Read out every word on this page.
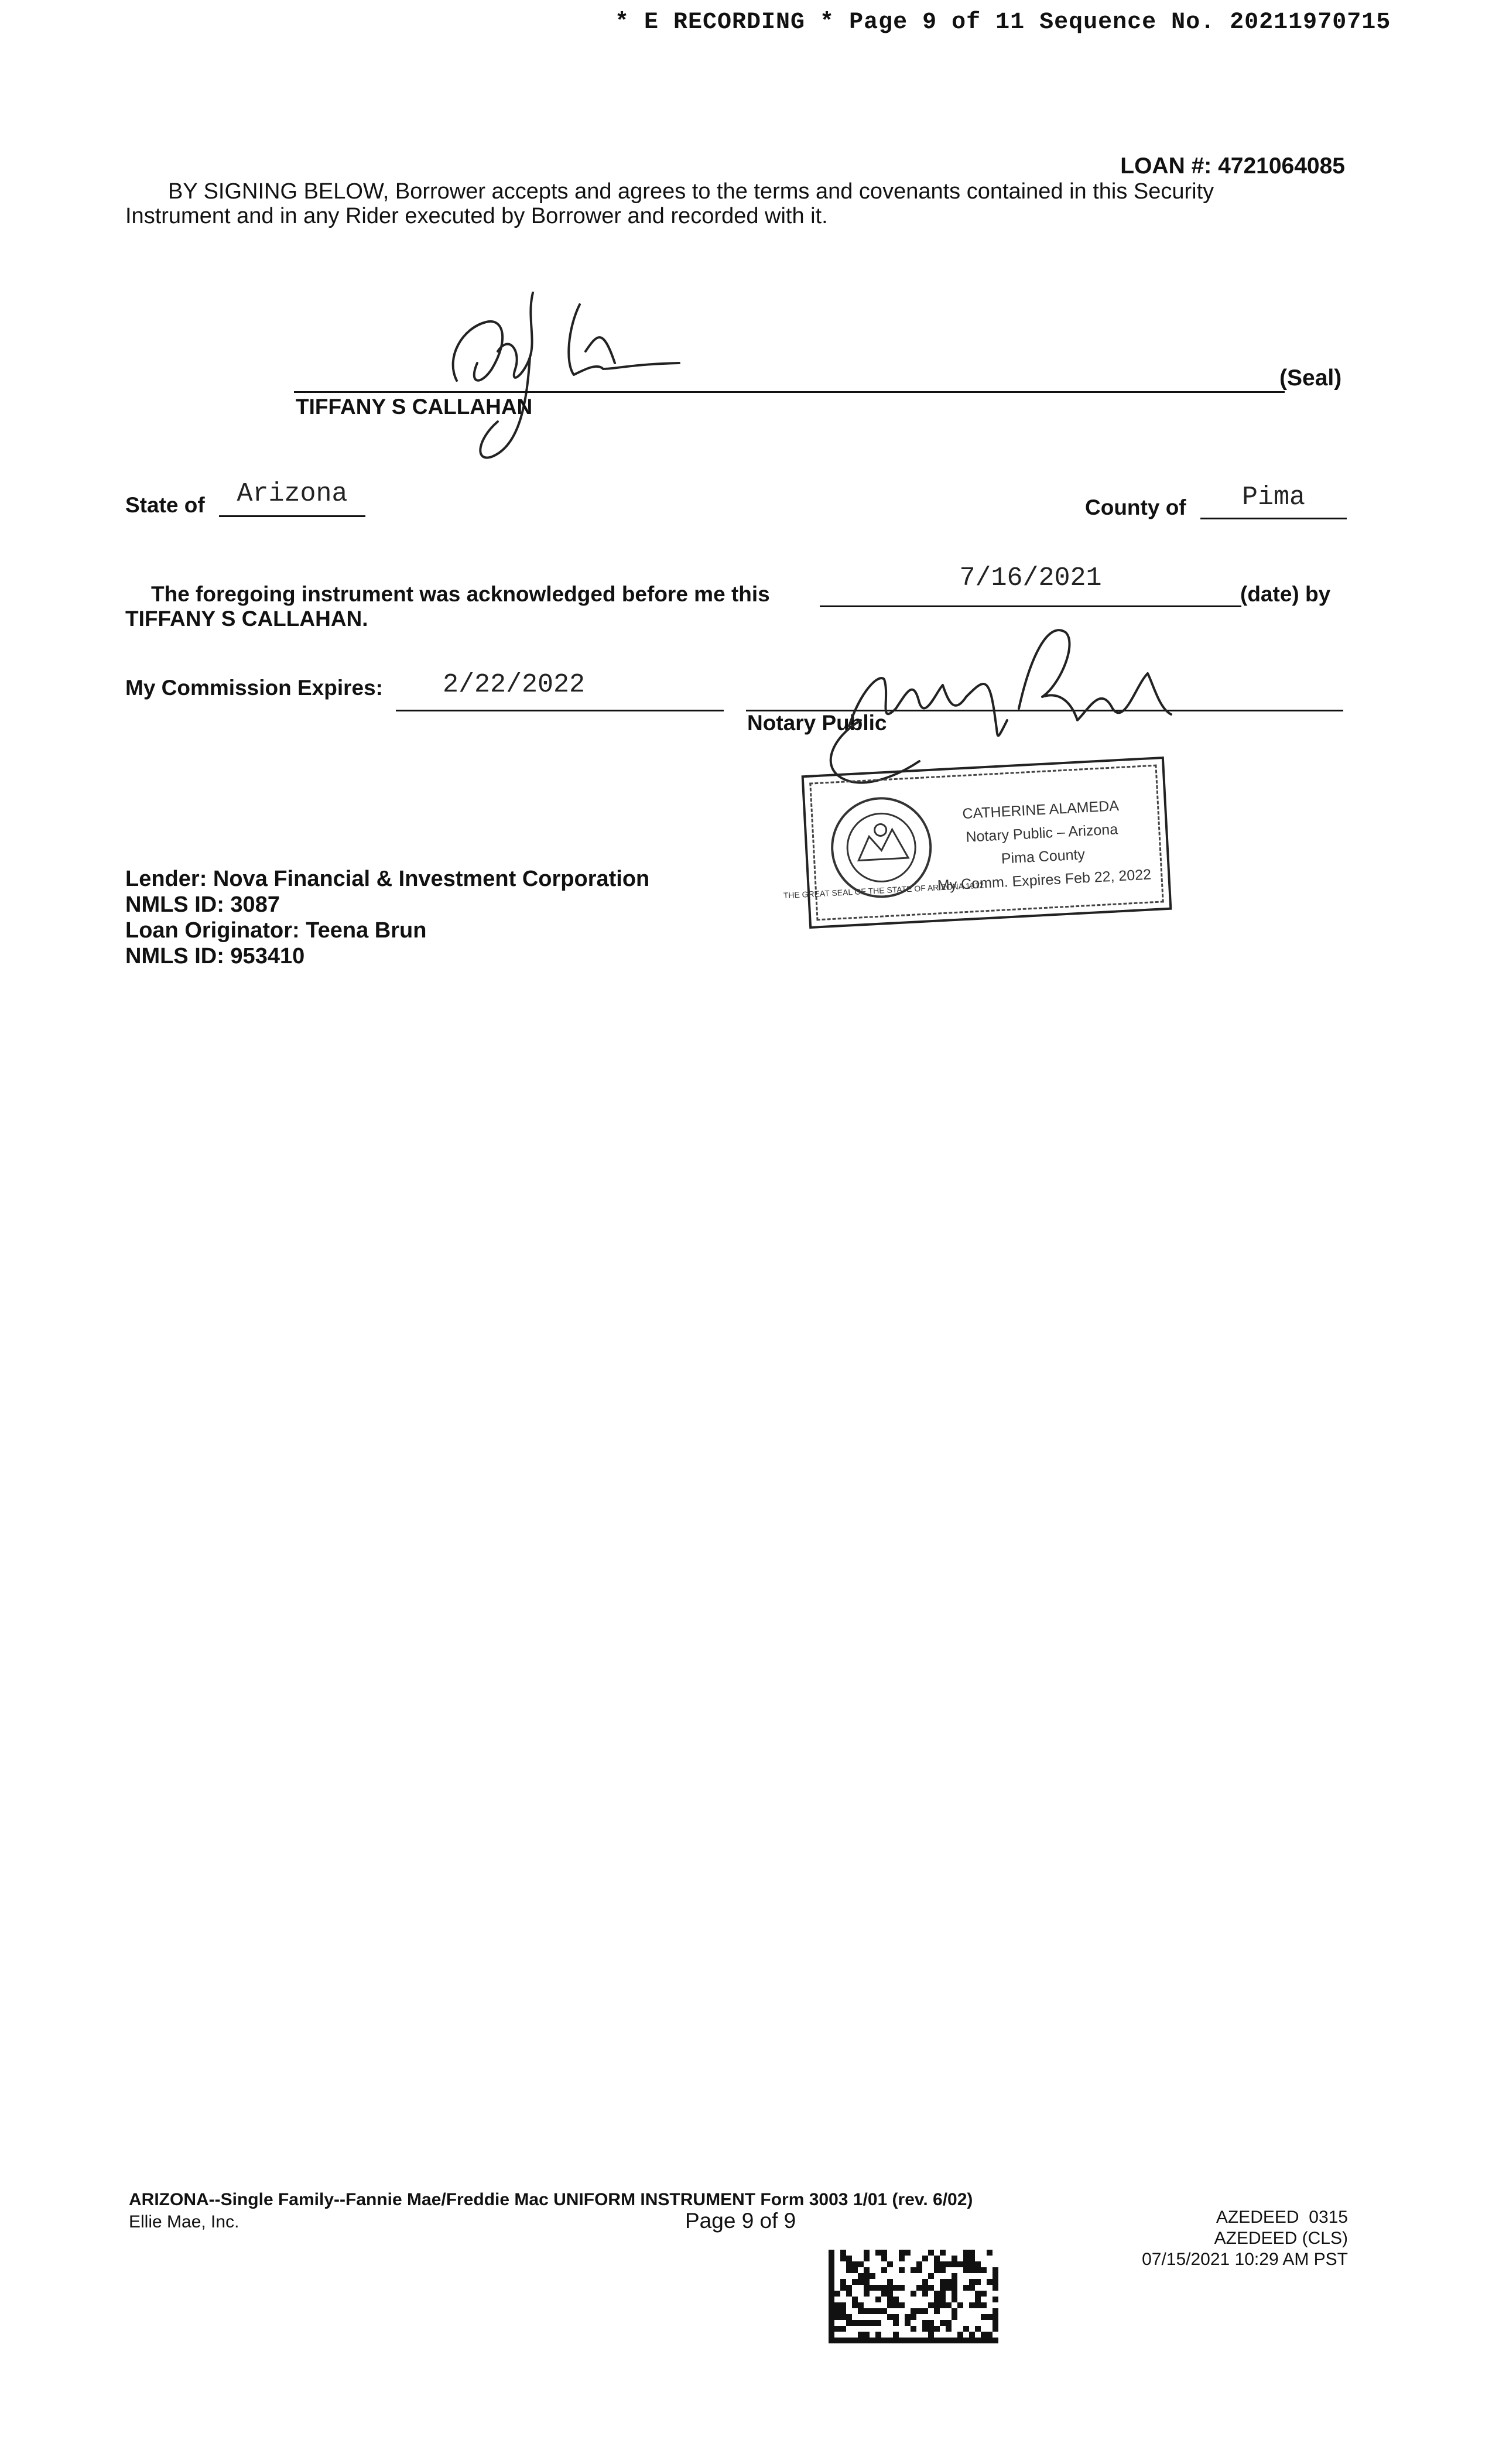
* E RECORDING * Page 9 of 11 Sequence No. 20211970715
LOAN #: 4721064085
BY SIGNING BELOW, Borrower accepts and agrees to the terms and covenants contained in this Security
Instrument and in any Rider executed by Borrower and recorded with it.
(Seal)
TIFFANY S CALLAHAN
State of	Arizona	County of	Pima
The foregoing instrument was acknowledged before me this
7/16/2021
(date) by
TIFFANY S CALLAHAN.
My Commission Expires:	2/22/2022
Notary Public
THE GREAT SEAL OF THE STATE OF ARIZONA 1912
CATHERINE ALAMEDA
Notary Public – Arizona
Pima County
My Comm. Expires Feb 22, 2022
Lender: Nova Financial & Investment Corporation
NMLS ID: 3087
Loan Originator: Teena Brun
NMLS ID: 953410
ARIZONA--Single Family--Fannie Mae/Freddie Mac UNIFORM INSTRUMENT Form 3003 1/01 (rev. 6/02)
Ellie Mae, Inc.	Page 9 of 9	AZEDEED  0315
AZEDEED (CLS)
07/15/2021 10:29 AM PST
